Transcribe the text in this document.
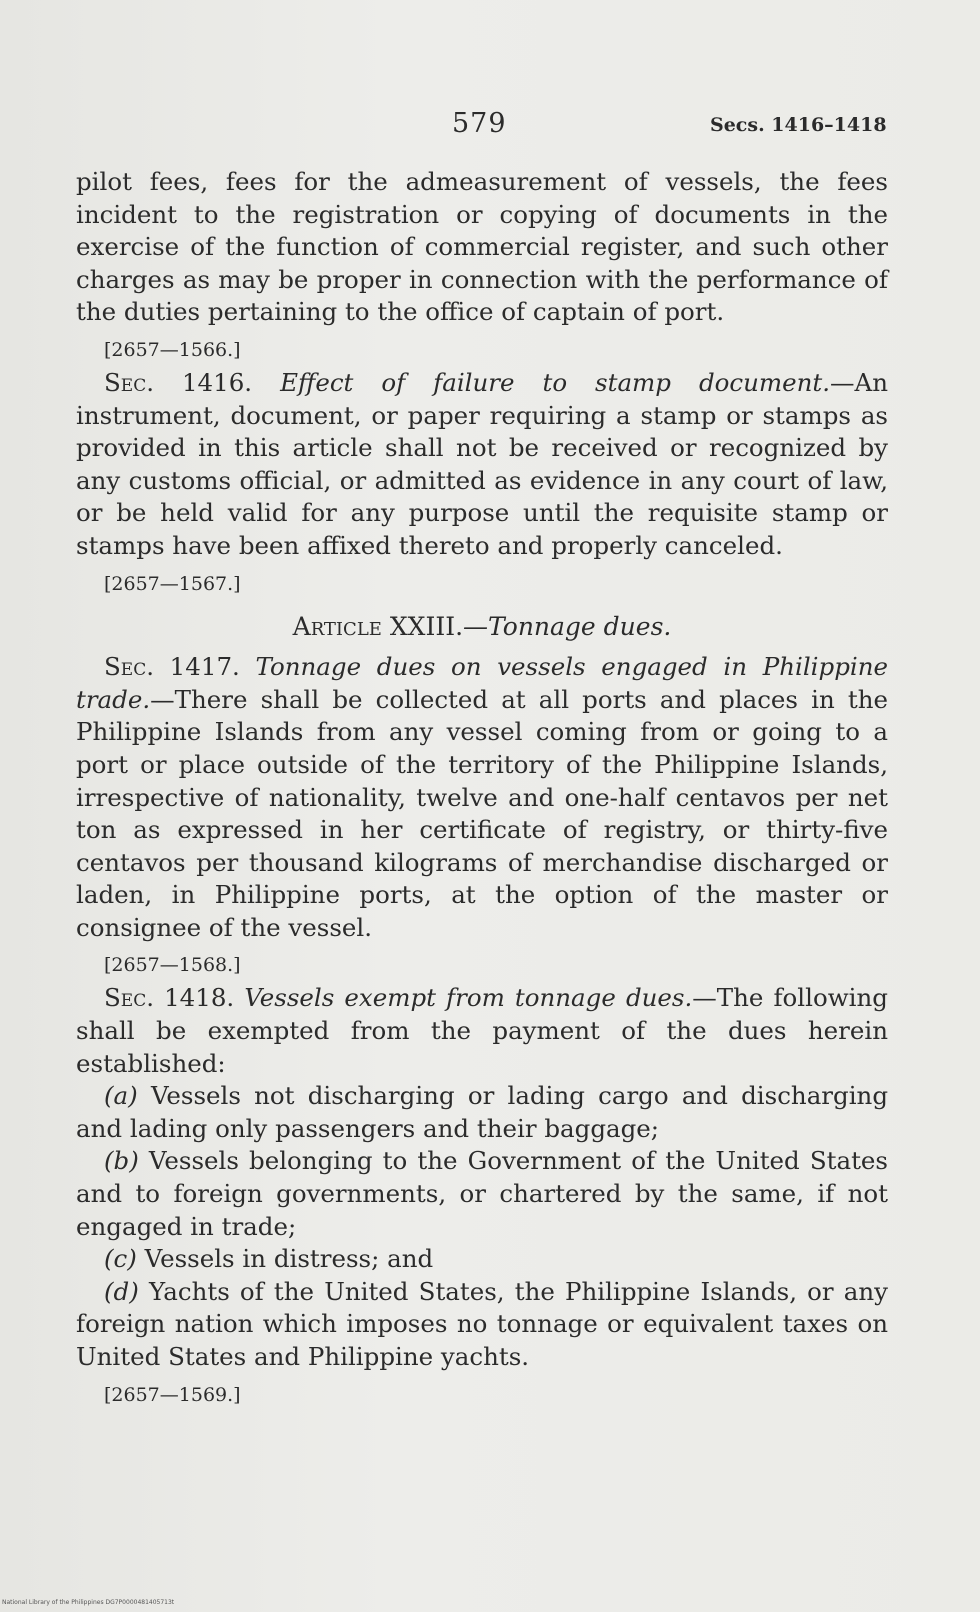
579	Secs. 1416–1418

pilot fees, fees for the admeasurement of vessels, the fees incident to the registration or copying of documents in the exercise of the function of commercial register, and such other charges as may be proper in connection with the performance of the duties pertaining to the office of captain of port.

[2657—1566.]

Sec. 1416. Effect of failure to stamp document.—An instrument, document, or paper requiring a stamp or stamps as provided in this article shall not be received or recognized by any customs official, or admitted as evidence in any court of law, or be held valid for any purpose until the requisite stamp or stamps have been affixed thereto and properly canceled.

[2657—1567.]

Article XXIII.—Tonnage dues.

Sec. 1417. Tonnage dues on vessels engaged in Philippine trade.—There shall be collected at all ports and places in the Philippine Islands from any vessel coming from or going to a port or place outside of the territory of the Philippine Islands, irrespective of nationality, twelve and one-half centavos per net ton as expressed in her certificate of registry, or thirty-five centavos per thousand kilograms of merchandise discharged or laden, in Philippine ports, at the option of the master or consignee of the vessel.

[2657—1568.]

Sec. 1418. Vessels exempt from tonnage dues.—The following shall be exempted from the payment of the dues herein established:

(a) Vessels not discharging or lading cargo and discharging and lading only passengers and their baggage;

(b) Vessels belonging to the Government of the United States and to foreign governments, or chartered by the same, if not engaged in trade;

(c) Vessels in distress; and

(d) Yachts of the United States, the Philippine Islands, or any foreign nation which imposes no tonnage or equivalent taxes on United States and Philippine yachts.

[2657—1569.]

National Library of the Philippines DG7P0000481405713t
